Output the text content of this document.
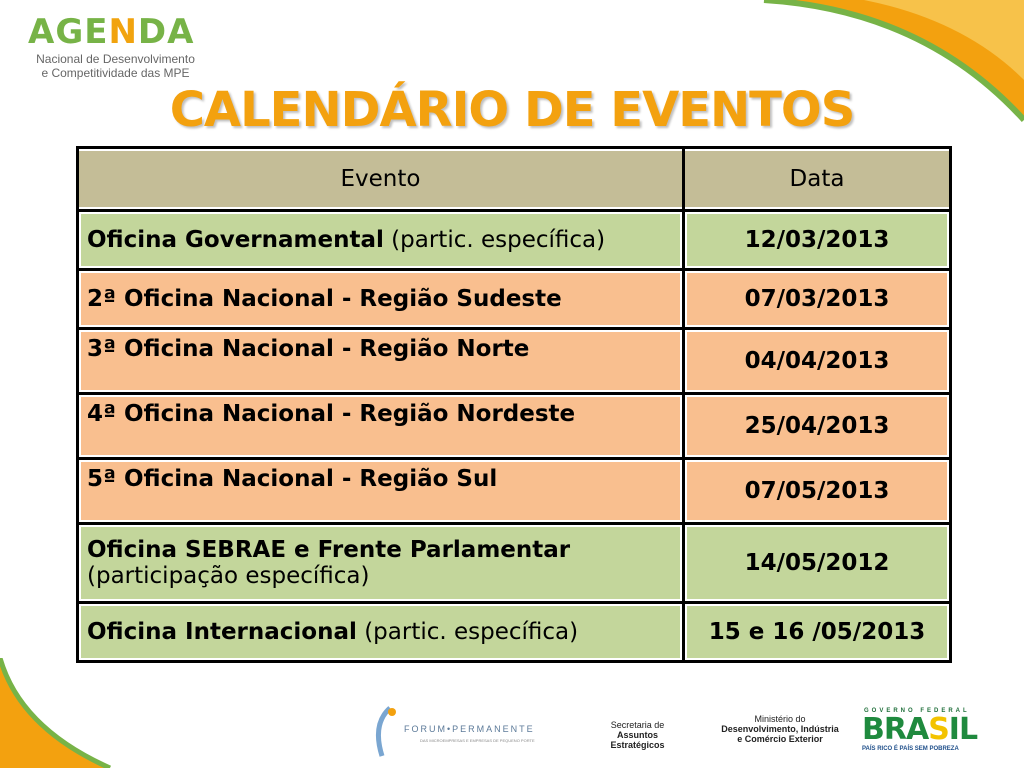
AGENDA
Nacional de Desenvolvimento
e Competitividade das MPE
CALENDÁRIO DE EVENTOS
Evento	Data
Oficina Governamental (partic. específica)	12/03/2013
2ª Oficina Nacional - Região Sudeste	07/03/2013
3ª Oficina Nacional - Região Norte	04/04/2013
4ª Oficina Nacional - Região Nordeste	25/04/2013
5ª Oficina Nacional - Região Sul	07/05/2013

Oficina SEBRAE e Frente Parlamentar
(participação específica)	14/05/2012
Oficina Internacional (partic. específica)	15 e 16 /05/2013
FORUM•PERMANENTE
DAS MICROEMPRESAS E EMPRESAS DE PEQUENO PORTE
Secretaria de
Assuntos Estratégicos
Ministério do
Desenvolvimento, Indústria
e Comércio Exterior
GOVERNO FEDERAL
BRASIL
PAÍS RICO É PAÍS SEM POBREZA
